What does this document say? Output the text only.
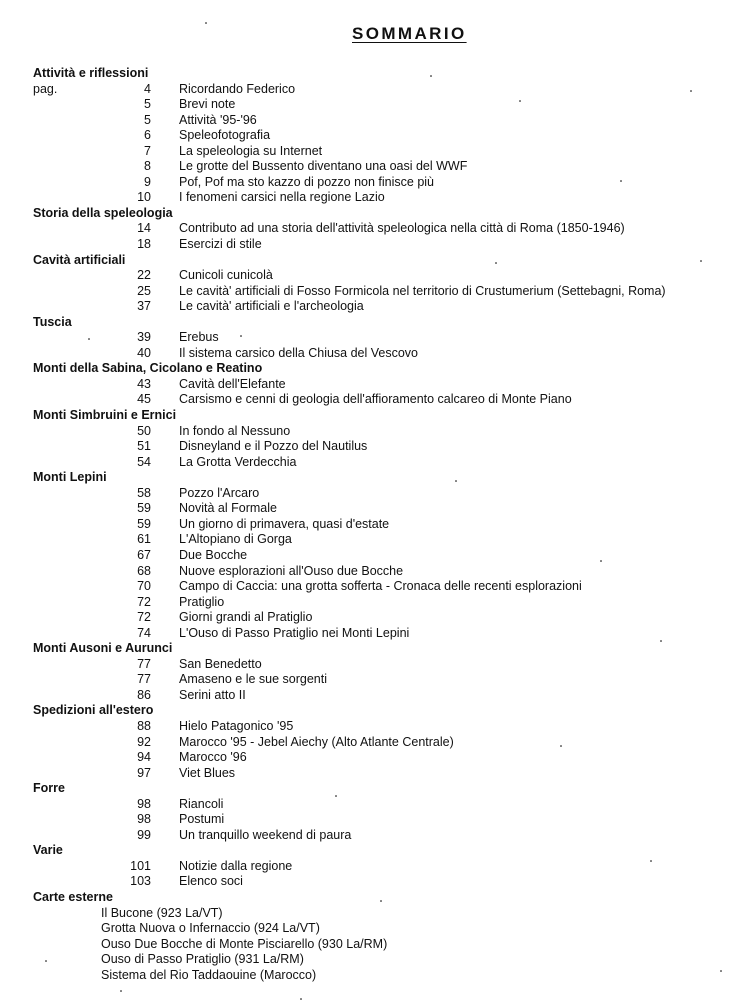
SOMMARIO
Attività e riflessioni
pag.	4 Ricordando Federico
5 Brevi note
5 Attività '95-'96
6 Speleofotografia
7 La speleologia su Internet
8 Le grotte del Bussento diventano una oasi del WWF
9 Pof, Pof ma sto kazzo di pozzo non finisce più
10 I fenomeni carsici nella regione Lazio
Storia della speleologia
14 Contributo ad una storia dell'attività speleologica nella città di Roma (1850-1946)
18 Esercizi di stile
Cavità artificiali
22 Cunicoli cunicolà
25 Le cavità' artificiali di Fosso Formicola nel territorio di Crustumerium (Settebagni, Roma)
37 Le cavità' artificiali e l'archeologia
Tuscia
39 Erebus
40 Il sistema carsico della Chiusa del Vescovo
Monti della Sabina, Cicolano e Reatino
43 Cavità dell'Elefante
45 Carsismo e cenni di geologia dell'affioramento calcareo di Monte Piano
Monti Simbruini e Ernici
50 In fondo al Nessuno
51 Disneyland e il Pozzo del Nautilus
54 La Grotta Verdecchia
Monti Lepini
58 Pozzo l'Arcaro
59 Novità al Formale
59 Un giorno di primavera, quasi d'estate
61 L'Altopiano di Gorga
67 Due Bocche
68 Nuove esplorazioni all'Ouso due Bocche
70 Campo di Caccia: una grotta sofferta - Cronaca delle recenti esplorazioni
72 Pratiglio
72 Giorni grandi al Pratiglio
74 L'Ouso di Passo Pratiglio nei Monti Lepini
Monti Ausoni e Aurunci
77 San Benedetto
77 Amaseno e le sue sorgenti
86 Serini atto II
Spedizioni all'estero
88 Hielo Patagonico '95
92 Marocco '95 - Jebel Aiechy (Alto Atlante Centrale)
94 Marocco '96
97 Viet Blues
Forre
98 Riancoli
98 Postumi
99 Un tranquillo weekend di paura
Varie
101 Notizie dalla regione
103 Elenco soci
Carte esterne
Il Bucone (923 La/VT)
Grotta Nuova o Infernaccio (924 La/VT)
Ouso Due Bocche di Monte Pisciarello (930 La/RM)
Ouso di Passo Pratiglio (931 La/RM)
Sistema del Rio Taddaouine (Marocco)
